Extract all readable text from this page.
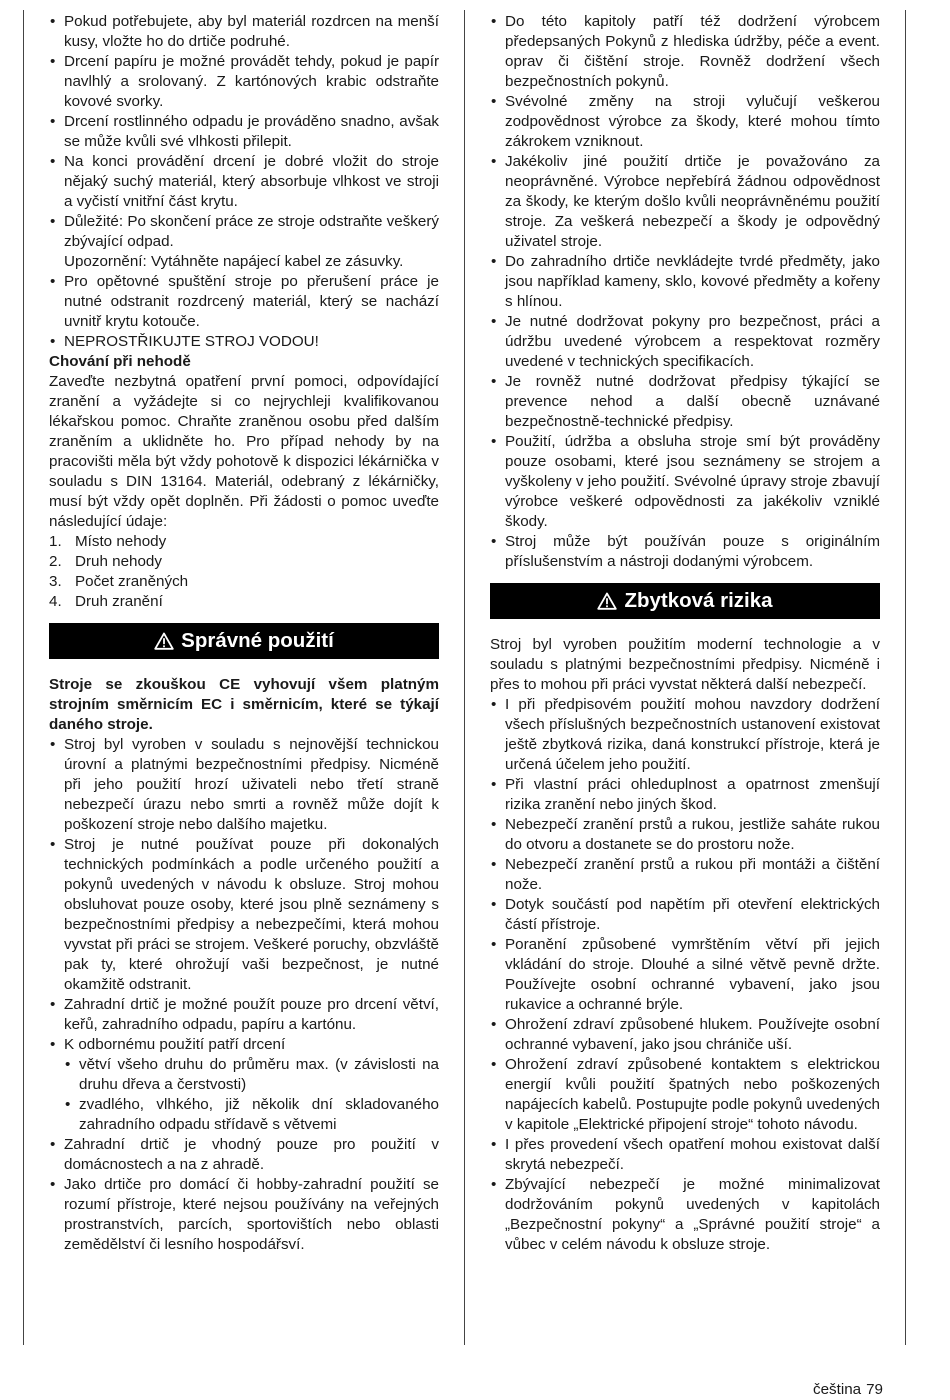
• Pokud potřebujete, aby byl materiál rozdrcen na menší kusy, vložte ho do drtiče podruhé.
• Drcení papíru je možné provádět tehdy, pokud je papír navlhlý a srolovaný. Z kartónových krabic odstraňte kovové svorky.
• Drcení rostlinného odpadu je prováděno snadno, avšak se může kvůli své vlhkosti přilepit.
• Na konci provádění drcení je dobré vložit do stroje nějaký suchý materiál, který absorbuje vlhkost ve stroji a vyčistí vnitřní část krytu.
• Důležité: Po skončení práce ze stroje odstraňte veškerý zbývající odpad.
Upozornění: Vytáhněte napájecí kabel ze zásuvky.
• Pro opětovné spuštění stroje po přerušení práce je nutné odstranit rozdrcený materiál, který se nachází uvnitř krytu kotouče.
• NEPROSTŘIKUJTE STROJ VODOU!

Chování při nehodě

Zaveďte nezbytná opatření první pomoci, odpovídající zranění a vyžádejte si co nejrychleji kvalifikovanou lékařskou pomoc. Chraňte zraněnou osobu před dalším zraněním a uklidněte ho. Pro případ nehody by na pracovišti měla být vždy pohotově k dispozici lékárnička v souladu s DIN 13164. Materiál, odebraný z lékárničky, musí být vždy opět doplněn. Při žádosti o pomoc uveďte následující údaje:

1. Místo nehody
2. Druh nehody
3. Počet zraněných
4. Druh zranění
Správné použití

Stroje se zkouškou CE vyhovují všem platným strojním směrnicím EC i směrnicím, které se týkají daného stroje.

• Stroj byl vyroben v souladu s nejnovější technickou úrovní a platnými bezpečnostními předpisy. Nicméně při jeho použití hrozí uživateli nebo třetí straně nebezpečí úrazu nebo smrti a rovněž může dojít k poškození stroje nebo dalšího majetku.
• Stroj je nutné používat pouze při dokonalých technických podmínkách a podle určeného použití a pokynů uvedených v návodu k obsluze. Stroj mohou obsluhovat pouze osoby, které jsou plně seznámeny s bezpečnostními předpisy a nebezpečími, která mohou vyvstat při práci se strojem. Veškeré poruchy, obzvláště pak ty, které ohrožují vaši bezpečnost, je nutné okamžitě odstranit.
• Zahradní drtič je možné použít pouze pro drcení větví, keřů, zahradního odpadu, papíru a kartónu.
• K odbornému použití patří drcení
• větví všeho druhu do průměru max. (v závislosti na druhu dřeva a čerstvosti)
• zvadlého, vlhkého, již několik dní skladovaného zahradního odpadu střídavě s větvemi
• Zahradní drtič je vhodný pouze pro použití v domácnostech a na z ahradě.
• Jako drtiče pro domácí či hobby-zahradní použití se rozumí přístroje, které nejsou používány na veřejných prostranstvích, parcích, sportovištích nebo oblasti zemědělství či lesního hospodářsví.
• Do této kapitoly patří též dodržení výrobcem předepsaných Pokynů z hlediska údržby, péče a event. oprav či čištění stroje. Rovněž dodržení všech bezpečnostních pokynů.
• Svévolné změny na stroji vylučují veškerou zodpovědnost výrobce za škody, které mohou tímto zákrokem vzniknout.
• Jakékoliv jiné použití drtiče je považováno za neoprávněné. Výrobce nepřebírá žádnou odpovědnost za škody, ke kterým došlo kvůli neoprávněnému použití stroje. Za veškerá nebezpečí a škody je odpovědný uživatel stroje.
• Do zahradního drtiče nevkládejte tvrdé předměty, jako jsou například kameny, sklo, kovové předměty a kořeny s hlínou.
• Je nutné dodržovat pokyny pro bezpečnost, práci a údržbu uvedené výrobcem a respektovat rozměry uvedené v technických specifikacích.
• Je rovněž nutné dodržovat předpisy týkající se prevence nehod a další obecně uznávané bezpečnostně-technické předpisy.
• Použití, údržba a obsluha stroje smí být prováděny pouze osobami, které jsou seznámeny se strojem a vyškoleny v jeho použití. Svévolné úpravy stroje zbavují výrobce veškeré odpovědnosti za jakékoliv vzniklé škody.
• Stroj může být používán pouze s originálním příslušenstvím a nástroji dodanými výrobcem.
Zbytková rizika

Stroj byl vyroben použitím moderní technologie a v souladu s platnými bezpečnostními předpisy. Nicméně i přes to mohou při práci vyvstat některá další nebezpečí.

• I při předpisovém použití mohou navzdory dodržení všech příslušných bezpečnostních ustanovení existovat ještě zbytková rizika, daná konstrukcí přístroje, která je určená účelem jeho použití.
• Při vlastní práci ohleduplnost a opatrnost zmenšují rizika zranění nebo jiných škod.
• Nebezpečí zranění prstů a rukou, jestliže saháte rukou do otvoru a dostanete se do prostoru nože.
• Nebezpečí zranění prstů a rukou při montáži a čištění nože.
• Dotyk součástí pod napětím při otevření elektrických částí přístroje.
• Poranění způsobené vymrštěním větví při jejich vkládání do stroje. Dlouhé a silné větvě pevně držte. Používejte osobní ochranné vybavení, jako jsou rukavice a ochranné brýle.
• Ohrožení zdraví způsobené hlukem. Používejte osobní ochranné vybavení, jako jsou chrániče uší.
• Ohrožení zdraví způsobené kontaktem s elektrickou energií kvůli použití špatných nebo poškozených napájecích kabelů. Postupujte podle pokynů uvedených v kapitole „Elektrické připojení stroje“ tohoto návodu.
• I přes provedení všech opatření mohou existovat další skrytá nebezpečí.
• Zbývající nebezpečí je možné minimalizovat dodržováním pokynů uvedených v kapitolách „Bezpečnostní pokyny“ a „Správné použití stroje“ a vůbec v celém návodu k obsluze stroje.
čeština 79
